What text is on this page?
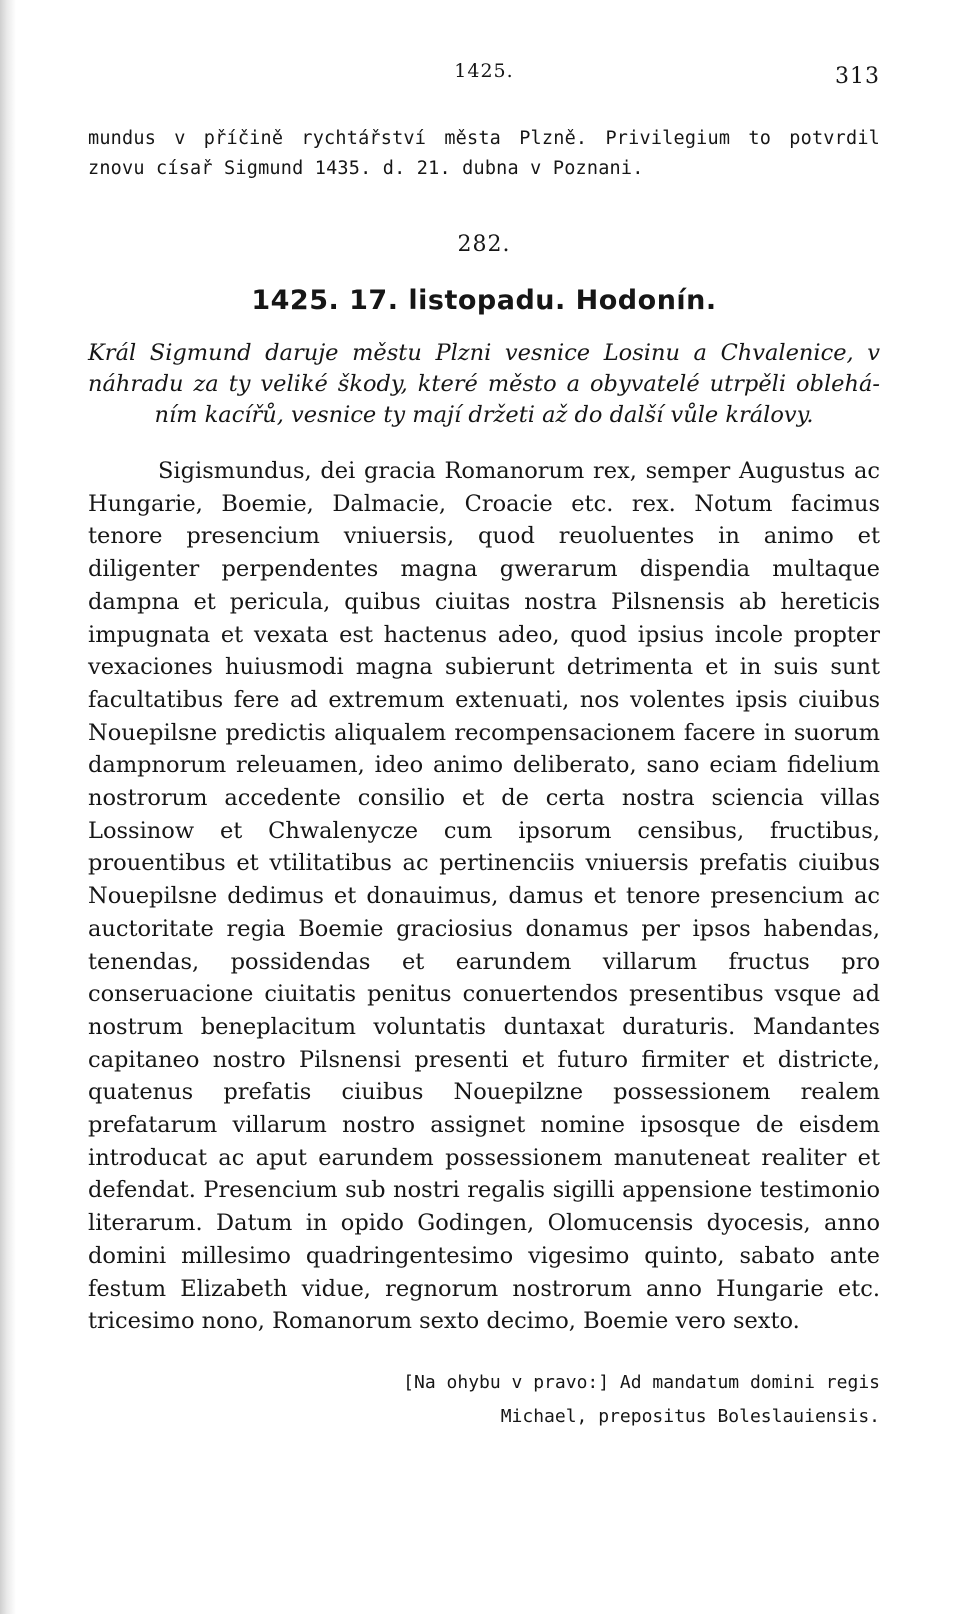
1425.	313

mundus v příčině rychtářství města Plzně. Privilegium to potvrdil znovu císař Sigmund 1435. d. 21. dubna v Poznani.

282.
1425. 17. listopadu. Hodonín.

Král Sigmund daruje městu Plzni vesnice Losinu a Chvalenice, v náhradu za ty veliké škody, které město a obyvatelé utrpěli obleháním kacířů, vesnice ty mají držeti až do další vůle královy.

Sigismundus, dei gracia Romanorum rex, semper Augustus ac Hungarie, Boemie, Dalmacie, Croacie etc. rex. Notum facimus tenore presencium vniuersis, quod reuoluentes in animo et diligenter perpendentes magna gwerarum dispendia multaque dampna et pericula, quibus ciuitas nostra Pilsnensis ab hereticis impugnata et vexata est hactenus adeo, quod ipsius incole propter vexaciones huiusmodi magna subierunt detrimenta et in suis sunt facultatibus fere ad extremum extenuati, nos volentes ipsis ciuibus Nouepilsne predictis aliqualem recompensacionem facere in suorum dampnorum releuamen, ideo animo deliberato, sano eciam fidelium nostrorum accedente consilio et de certa nostra sciencia villas Lossinow et Chwalenycze cum ipsorum censibus, fructibus, prouentibus et vtilitatibus ac pertinenciis vniuersis prefatis ciuibus Nouepilsne dedimus et donauimus, damus et tenore presencium ac auctoritate regia Boemie graciosius donamus per ipsos habendas, tenendas, possidendas et earundem villarum fructus pro conseruacione ciuitatis penitus conuertendos presentibus vsque ad nostrum beneplacitum voluntatis duntaxat duraturis. Mandantes capitaneo nostro Pilsnensi presenti et futuro firmiter et districte, quatenus prefatis ciuibus Nouepilzne possessionem realem prefatarum villarum nostro assignet nomine ipsosque de eisdem introducat ac aput earundem possessionem manuteneat realiter et defendat. Presencium sub nostri regalis sigilli appensione testimonio literarum. Datum in opido Godingen, Olomucensis dyocesis, anno domini millesimo quadringentesimo vigesimo quinto, sabato ante festum Elizabeth vidue, regnorum nostrorum anno Hungarie etc. tricesimo nono, Romanorum sexto decimo, Boemie vero sexto.

[Na ohybu v pravo:] Ad mandatum domini regis
Michael, prepositus Boleslauiensis.
